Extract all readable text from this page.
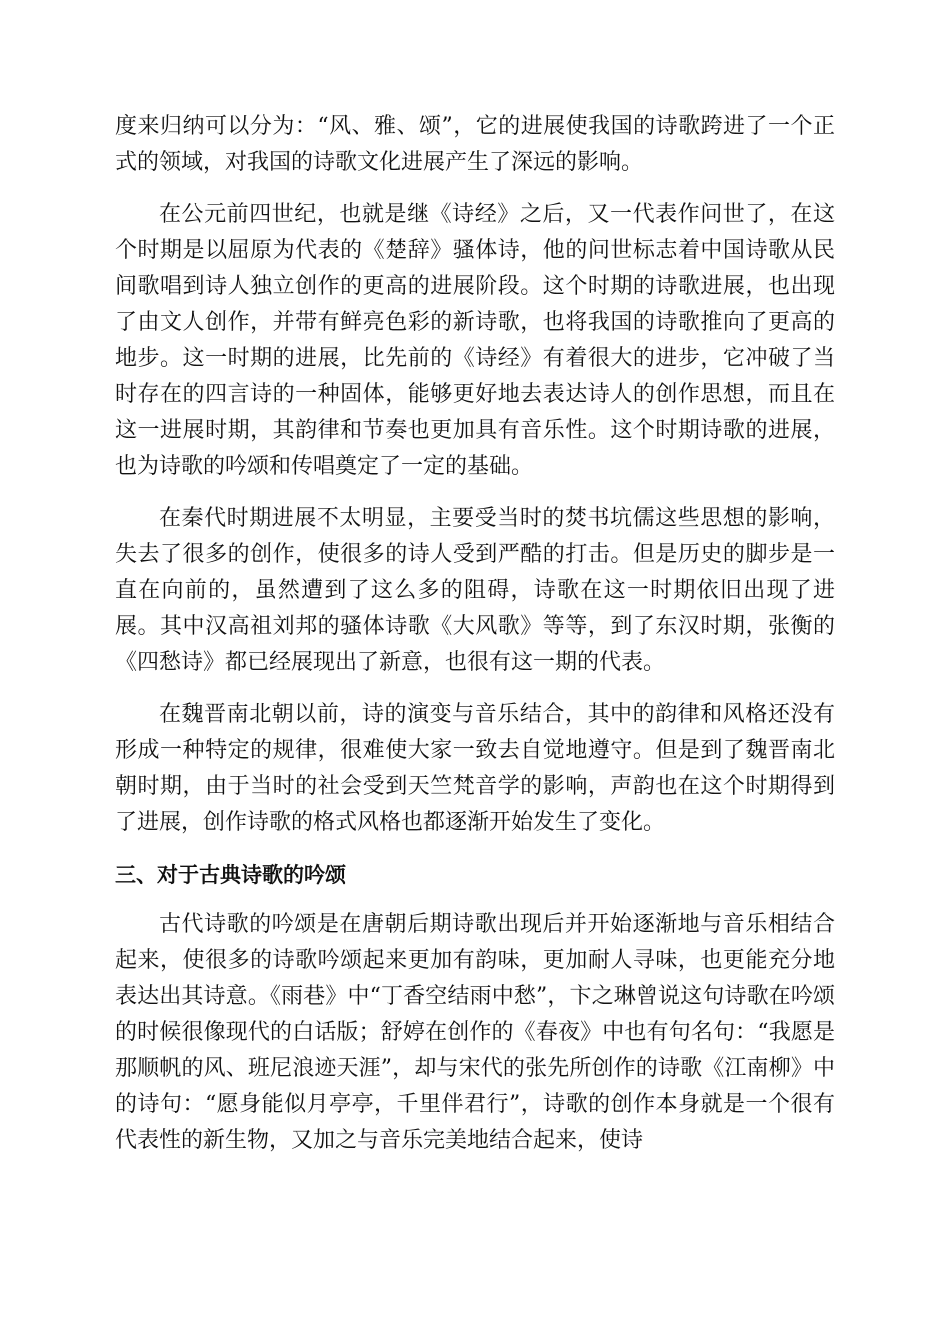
度来归纳可以分为：“风、雅、颂”，它的进展使我国的诗歌跨进了一个正式的领域，对我国的诗歌文化进展产生了深远的影响。

在公元前四世纪，也就是继《诗经》之后，又一代表作问世了，在这个时期是以屈原为代表的《楚辞》骚体诗，他的问世标志着中国诗歌从民间歌唱到诗人独立创作的更高的进展阶段。这个时期的诗歌进展，也出现了由文人创作，并带有鲜亮色彩的新诗歌，也将我国的诗歌推向了更高的地步。这一时期的进展，比先前的《诗经》有着很大的进步，它冲破了当时存在的四言诗的一种固体，能够更好地去表达诗人的创作思想，而且在这一进展时期，其韵律和节奏也更加具有音乐性。这个时期诗歌的进展，也为诗歌的吟颂和传唱奠定了一定的基础。

在秦代时期进展不太明显，主要受当时的焚书坑儒这些思想的影响，失去了很多的创作，使很多的诗人受到严酷的打击。但是历史的脚步是一直在向前的，虽然遭到了这么多的阻碍，诗歌在这一时期依旧出现了进展。其中汉高祖刘邦的骚体诗歌《大风歌》等等，到了东汉时期，张衡的《四愁诗》都已经展现出了新意，也很有这一期的代表。

在魏晋南北朝以前，诗的演变与音乐结合，其中的韵律和风格还没有形成一种特定的规律，很难使大家一致去自觉地遵守。但是到了魏晋南北朝时期，由于当时的社会受到天竺梵音学的影响，声韵也在这个时期得到了进展，创作诗歌的格式风格也都逐渐开始发生了变化。

三、对于古典诗歌的吟颂

古代诗歌的吟颂是在唐朝后期诗歌出现后并开始逐渐地与音乐相结合起来，使很多的诗歌吟颂起来更加有韵味，更加耐人寻味，也更能充分地表达出其诗意。《雨巷》中“丁香空结雨中愁”，卞之琳曾说这句诗歌在吟颂的时候很像现代的白话版；舒婷在创作的《春夜》中也有句名句：“我愿是那顺帆的风、班尼浪迹天涯”，却与宋代的张先所创作的诗歌《江南柳》中的诗句：“愿身能似月亭亭，千里伴君行”，诗歌的创作本身就是一个很有代表性的新生物，又加之与音乐完美地结合起来，使诗
